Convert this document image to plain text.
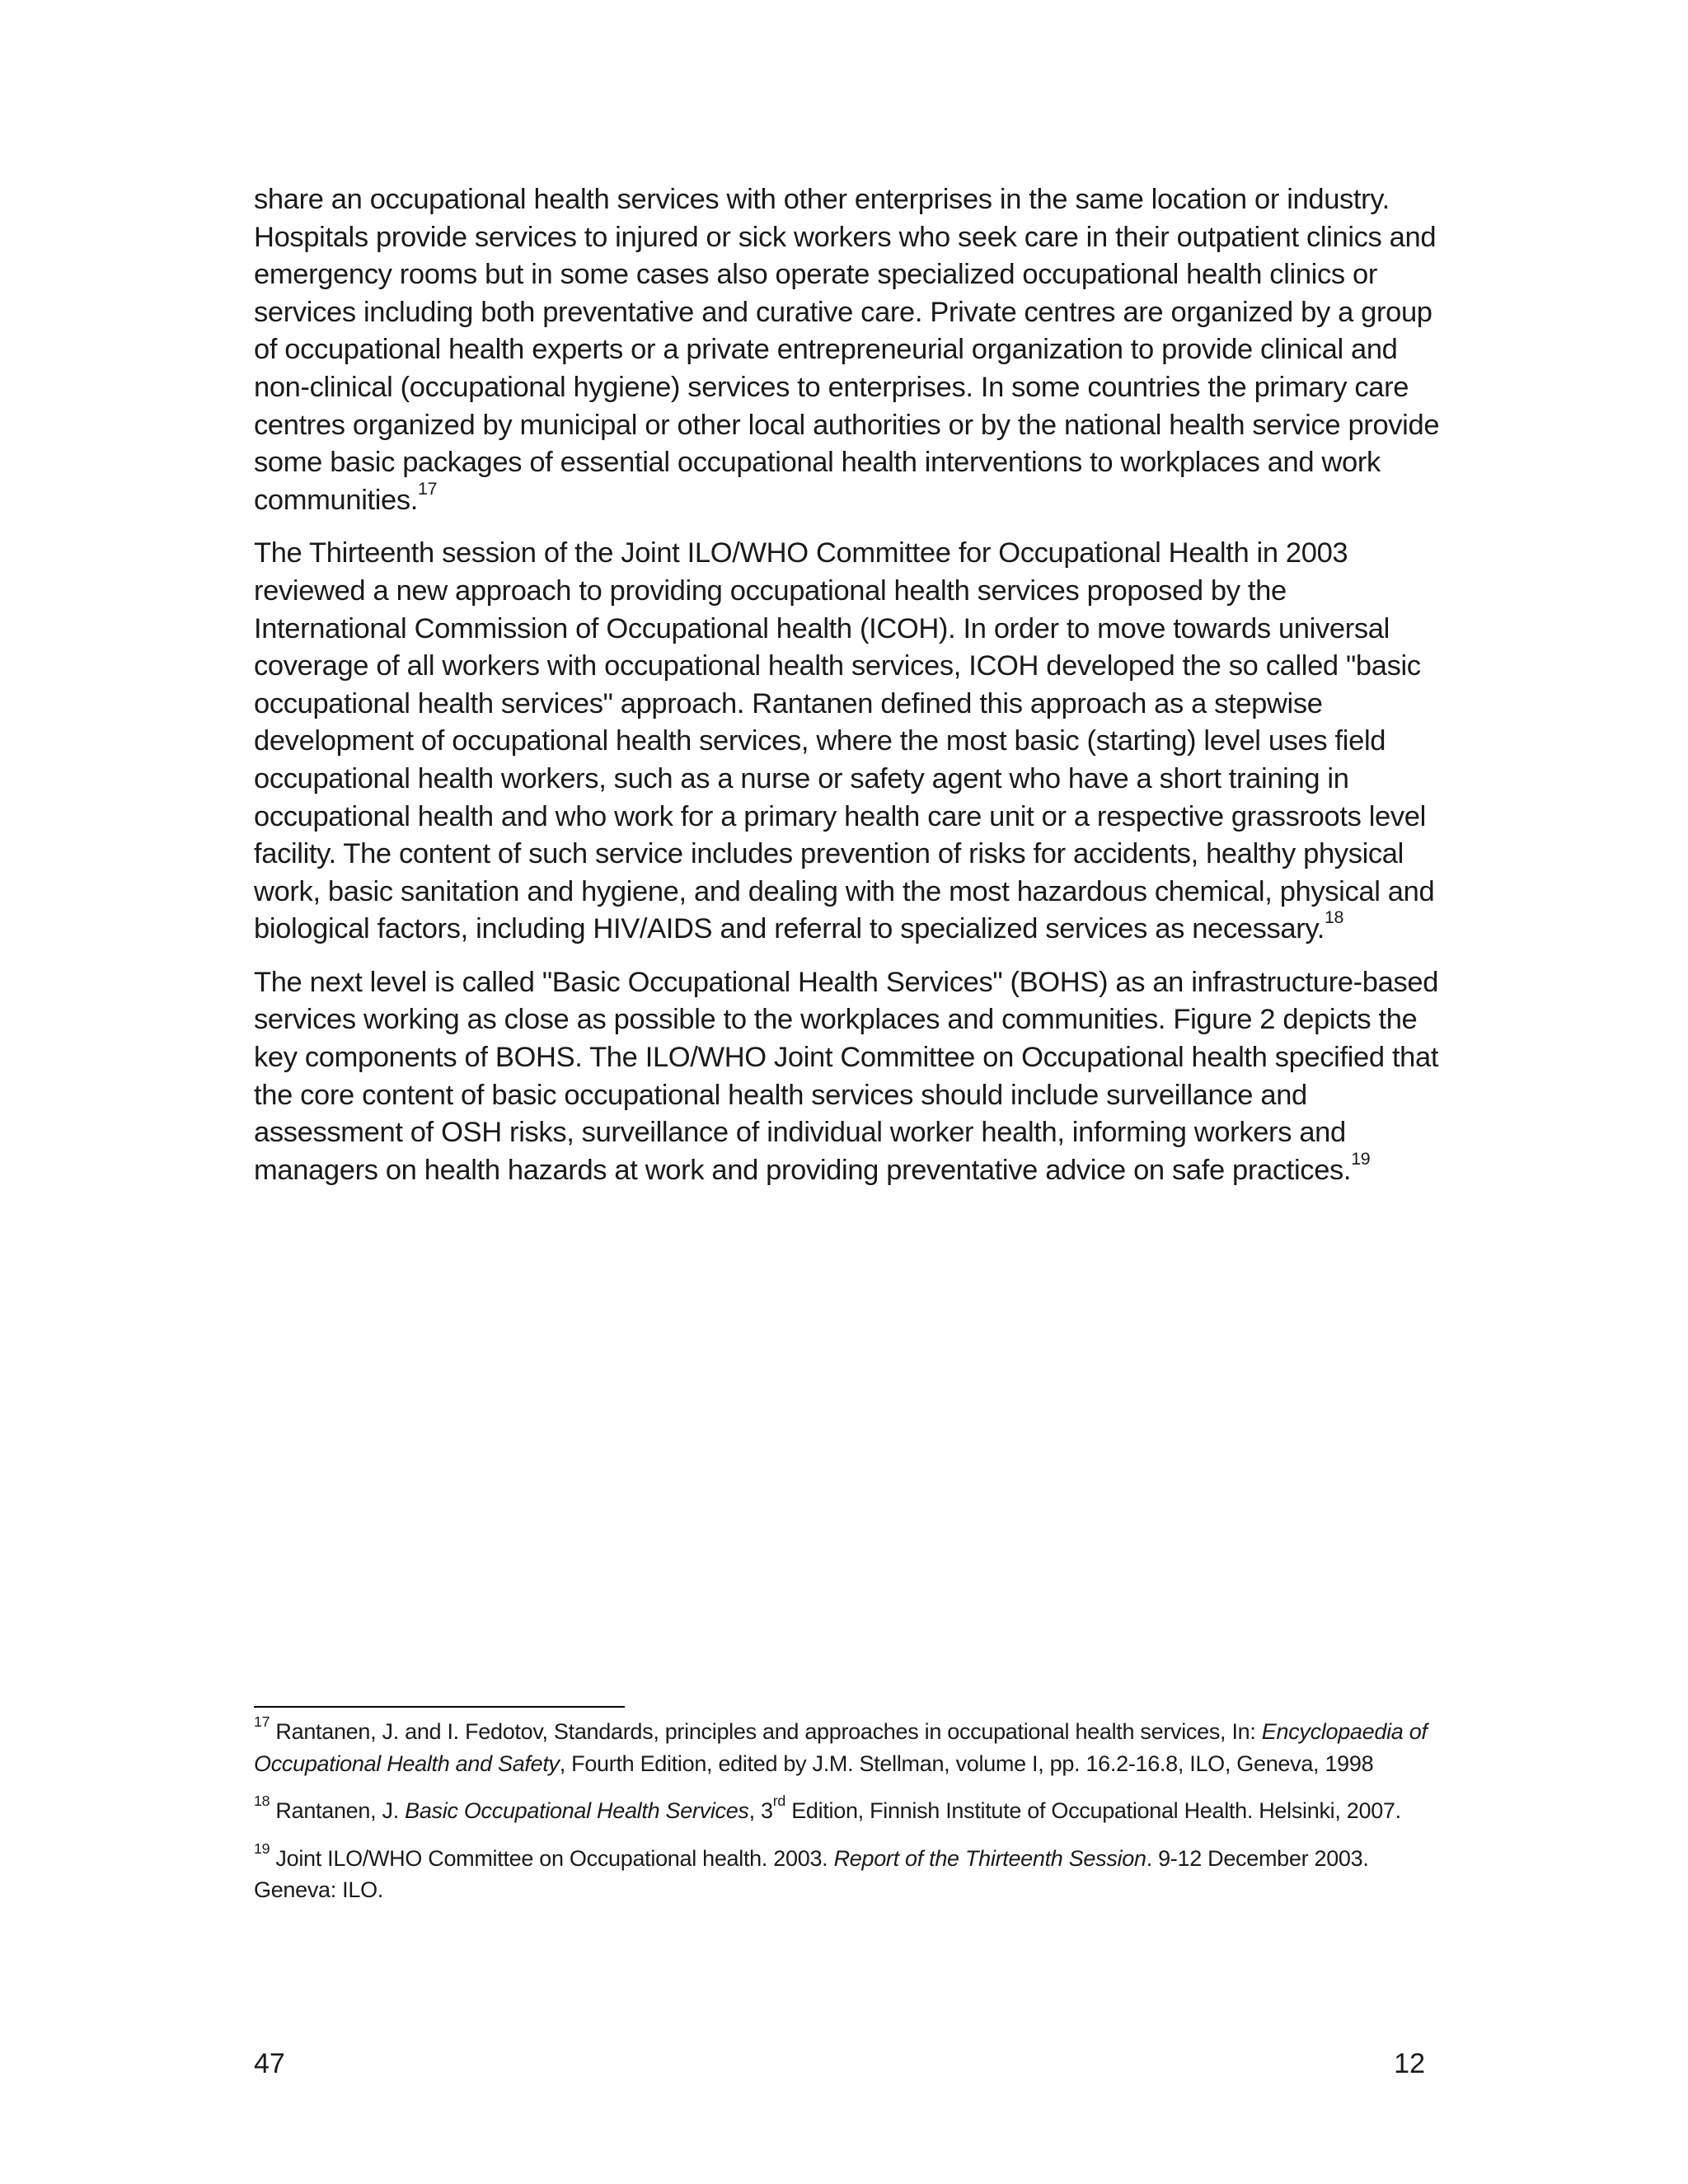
share an occupational health services with other enterprises in the same location or industry. Hospitals provide services to injured or sick workers who seek care in their outpatient clinics and emergency rooms but in some cases also operate specialized occupational health clinics or services including both preventative and curative care. Private centres are organized by a group of occupational health experts or a private entrepreneurial organization to provide clinical and non-clinical (occupational hygiene) services to enterprises. In some countries the primary care centres organized by municipal or other local authorities or by the national health service provide some basic packages of essential occupational health interventions to workplaces and work communities.$^{17}$

The Thirteenth session of the Joint ILO/WHO Committee for Occupational Health in 2003 reviewed a new approach to providing occupational health services proposed by the International Commission of Occupational health (ICOH). In order to move towards universal coverage of all workers with occupational health services, ICOH developed the so called "basic occupational health services" approach. Rantanen defined this approach as a stepwise development of occupational health services, where the most basic (starting) level uses field occupational health workers, such as a nurse or safety agent who have a short training in occupational health and who work for a primary health care unit or a respective grassroots level facility. The content of such service includes prevention of risks for accidents, healthy physical work, basic sanitation and hygiene, and dealing with the most hazardous chemical, physical and biological factors, including HIV/AIDS and referral to specialized services as necessary.$^{18}$

The next level is called "Basic Occupational Health Services" (BOHS) as an infrastructure-based services working as close as possible to the workplaces and communities. Figure 2 depicts the key components of BOHS. The ILO/WHO Joint Committee on Occupational health specified that the core content of basic occupational health services should include surveillance and assessment of OSH risks, surveillance of individual worker health, informing workers and managers on health hazards at work and providing preventative advice on safe practices.$^{19}$

$^{17}$ Rantanen, J. and I. Fedotov, Standards, principles and approaches in occupational health services, In: Encyclopaedia of Occupational Health and Safety, Fourth Edition, edited by J.M. Stellman, volume I, pp. 16.2-16.8, ILO, Geneva, 1998

$^{18}$ Rantanen, J. Basic Occupational Health Services, 3rd Edition, Finnish Institute of Occupational Health. Helsinki, 2007.

$^{19}$ Joint ILO/WHO Committee on Occupational health. 2003. Report of the Thirteenth Session. 9-12 December 2003. Geneva: ILO.

47	12
